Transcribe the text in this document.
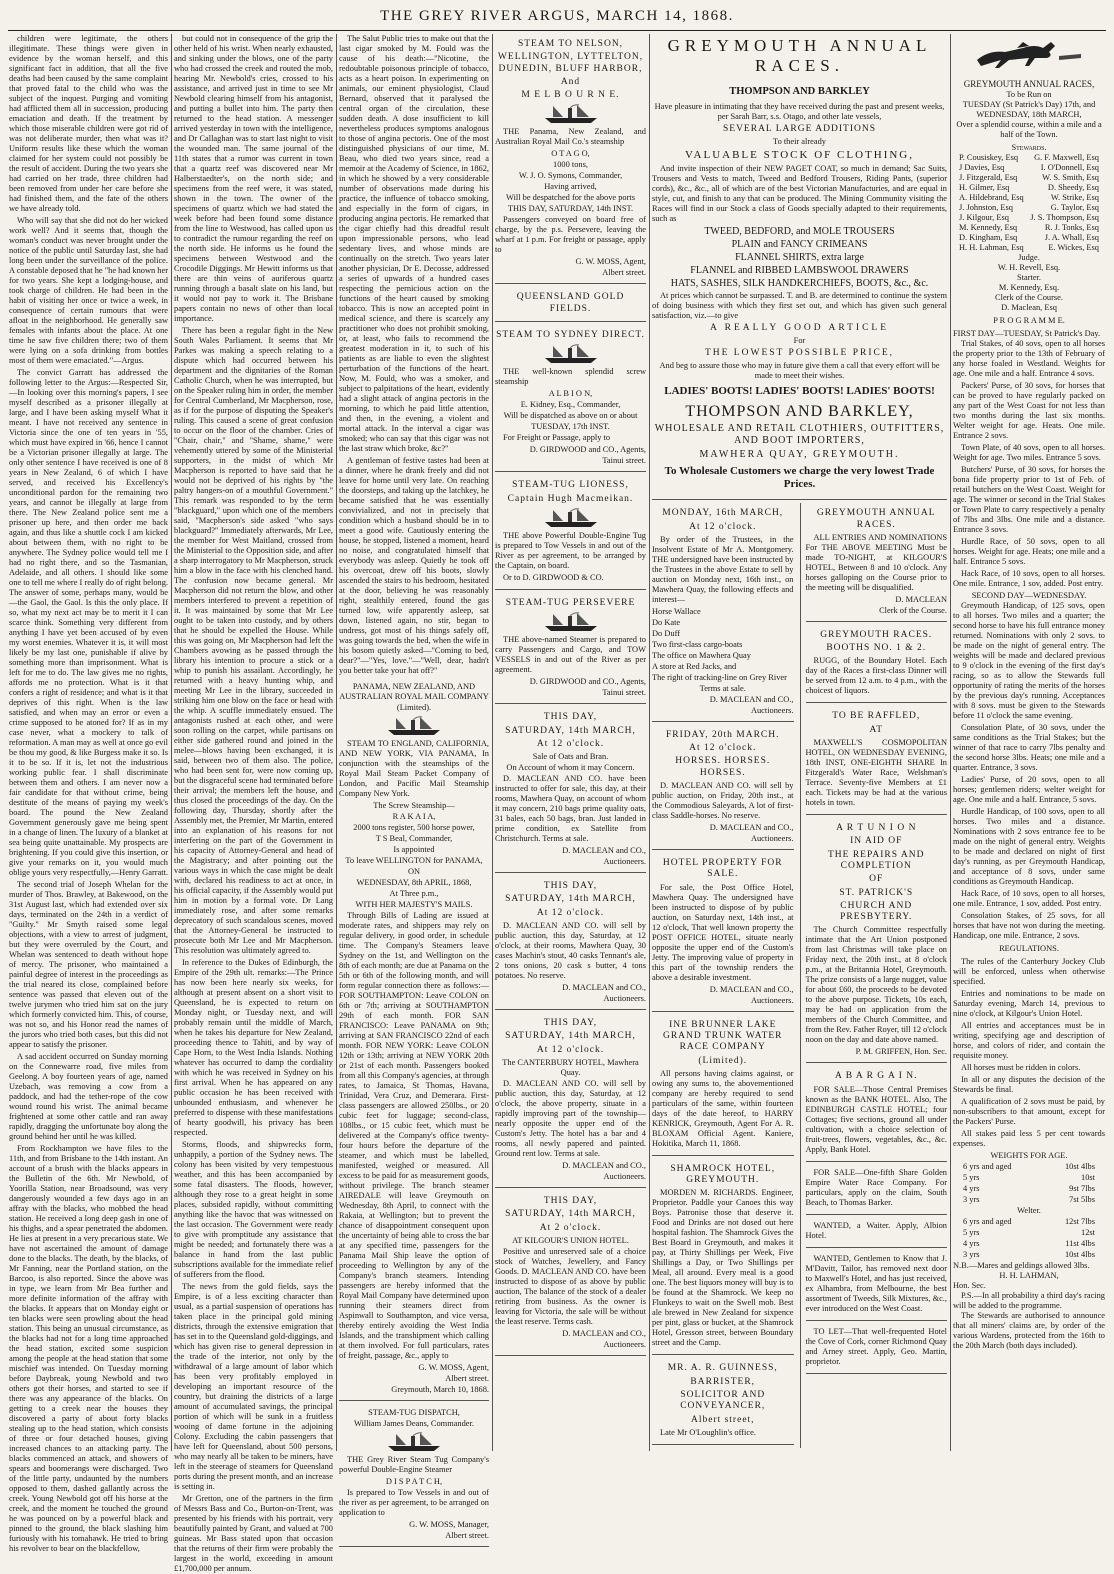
THE GREY RIVER ARGUS, MARCH 14, 1868.

children were legitimate, the others illegitimate. These things were given in evidence by the woman herself, and this significant fact in addition, that all the five deaths had been caused by the same complaint that proved fatal to the child who was the subject of the inquest. Purging and vomiting had afflicted them all in succession, producing emaciation and death. If the treatment by which those miserable children were got rid of was not deliberate murder, then what was it? Uniform results like these which the woman claimed for her system could not possibly be the result of accident. During the two years she had carried on her trade, three children had been removed from under her care before she had finished them, and the fate of the others we have already told.

Who will say that she did not do her wicked work well? And it seems that, though the woman's conduct was never brought under the notice of the public until Saturday last, she had long been under the surveillance of the police. A constable deposed that he "he had known her for two years. She kept a lodging-house, and took charge of children. He had been in the habit of visiting her once or twice a week, in consequence of certain rumours that were afloat in the neighborhood. He generally saw females with infants about the place. At one time he saw five children there; two of them were lying on a sofa drinking from bottles most of them were emaciated."—Argus.

The convict Garratt has addressed the following letter to the Argus:—Respected Sir,—In looking over this morning's papers, I see myself described as a prisoner illegally at large, and I have been asking myself What it meant. I have not received any sentence in Victoria since the one of ten years in '55, which must have expired in '66, hence I cannot be a Victorian prisoner illegally at large. The only other sentence I have received is one of 8 years in New Zealand, 6 of which I have served, and received his Excellency's unconditional pardon for the remaining two years, and cannot be illegally at large from there. The New Zealand police sent me a prisoner up here, and then order me back again, and thus like a shuttle cock I am kicked about between them, with no right to be anywhere. The Sydney police would tell me I had no right there, and so the Tasmanian, Adelaide, and all others. I should like some one to tell me where I really do of right belong. The answer of some, perhaps many, would be—the Gaol, the Gaol. Is this the only place. If so, what my next act may be to merit it I can scarce think. Something very different from anything I have yet been accused of by even my worst enemies. Whatever it is, it will most likely be my last one, punishable if alive by something more than imprisonment. What is left for me to do. The law gives me no rights, affords me no protection. What is it that confers a right of residence; and what is it that deprives of this right. When is the law satisfied, and when may an error or even a crime supposed to be atoned for? If as in my case never, what a mockery to talk of reformation. A man may as well at once go evil be thou my good, & like Burgess make it so. Is it to be so. If it is, let not the industrious working public fear. I shall discriminate between them and others. I am never now a fair candidate for that without crime, being destitute of the means of paying my week's board. The pound the New Zealand Government generously gave me being spent in a change of linen. The luxury of a blanket at sea being quite unattainable. My prospects are brightening. If you could give this insertion, or give your remarks on it, you would much oblige yours very respectfully,—Henry Garratt.

The second trial of Joseph Whelan for the murder of Thos. Brawley, at Bakewood, on the 31st August last, which had extended over six days, terminated on the 24th in a verdict of "Guilty." Mr Smyth raised some legal objections, with a view to arrest of judgment, but they were overruled by the Court, and Whelan was sentenced to death without hope of mercy. The prisoner, who maintained a painful degree of interest in the proceedings as the trial neared its close, complained before sentence was passed that eleven out of the twelve jurymen who tried him sat on the jury which formerly convicted him. This, of course, was not so, and his Honor read the names of the jurors who tried both cases, but this did not appear to satisfy the prisoner.

A sad accident occurred on Sunday morning on the Connewarre road, five miles from Geelong. A boy fourteen years of age, named Uzebach, was removing a cow from a paddock, and had the tether-rope of the cow wound round his wrist. The animal became frightened at some other cattle and ran away rapidly, dragging the unfortunate boy along the ground behind her until he was killed.

From Rockhampton we have files to the 11th, and from Brisbane to the 14th instant. An account of a brush with the blacks appears in the Bulletin of the 6th. Mr Newbold, of Yoorilla Station, near Broadsound, was very dangerously wounded a few days ago in an affray with the blacks, who mobbed the head station. He received a long deep gash in one of his thighs, and a spear penetrated the abdomen. He lies at present in a very precarious state. We have not ascertained the amount of damage done to the blacks. The death, by the blacks, of Mr Fanning, near the Portland station, on the Barcoo, is also reported. Since the above was in type, we learn from Mr Bea further and more definite information of the affray with the blacks. It appears that on Monday eight or ten blacks were seen prowling about the head station. This being an unusual circumstance, as the blacks had not for a long time approached the head station, excited some suspicion among the people at the head station that some mischief was intended. On Tuesday morning before Daybreak, young Newbold and two others got their horses, and started to see if there was any appearance of the blacks. On getting to a creek near the houses they discovered a party of about forty blacks stealing up to the head station, which consists of three or four detached houses, giving increased chances to an attacking party. The blacks commenced an attack, and showers of spears and boomerangs were discharged. Two of the little party, undaunted by the numbers opposed to them, dashed gallantly across the creek. Young Newbold got off his horse at the creek, and the moment he touched the ground he was pounced on by a powerful black and pinned to the ground, the black slashing him furiously with his tomahawk. He tried to bring his revolver to bear on the blackfellow,

but could not in consequence of the grip the other held of his wrist. When nearly exhausted, and sinking under the blows, one of the party who had crossed the creek and routed the mob, hearing Mr. Newbold's cries, crossed to his assistance, and arrived just in time to see Mr Newbold clearing himself from his antagonist, and putting a bullet into him. The party then returned to the head station. A messenger arrived yesterday in town with the intelligence, and Dr Callaghan was to start last night to visit the wounded man. The same journal of the 11th states that a rumor was current in town that a quartz reef was discovered near Mr Halberstaedter's, on the north side; and specimens from the reef were, it was stated, shown in the town. The owner of the specimens of quartz which we had stated the week before had been found some distance from the line to Westwood, has called upon us to contradict the rumour regarding the reef on the north side. He informs us he found the specimens between Westwood and the Crocodile Diggings. Mr Hewitt informs us that there are thin veins of auriferous quartz running through a basalt slate on his land, but it would not pay to work it. The Brisbane papers contain no news of other than local importance.

There has been a regular fight in the New South Wales Parliament. It seems that Mr Parkes was making a speech relating to a dispute which had occurred between his department and the dignitaries of the Roman Catholic Church, when he was interrupted, but on the Speaker ruling him in order, the member for Central Cumberland, Mr Macpherson, rose, as if for the purpose of disputing the Speaker's ruling. This caused a scene of great confusion to occur on the floor of the chamber. Cries of "Chair, chair," and "Shame, shame," were vehemently uttered by some of the Ministerial supporters, in the midst of which Mr Macpherson is reported to have said that he would not be deprived of his rights by "the paltry hangers-on of a mouthful Government." This remark was responded to by the term "blackguard," upon which one of the members said, "Macpherson's side asked "who says blackguard?" Immediately afterwards, Mr Lee, the member for West Maitland, crossed from the Ministerial to the Opposition side, and after a sharp interrogatory to Mr Macpherson, struck him a blow in the face with his clenched hand. The confusion now became general. Mr Macpherson did not return the blow, and other members interfered to prevent a repetition of it. It was maintained by some that Mr Lee ought to be taken into custody, and by others that he should be expelled the House. While this was going on, Mr Macpherson had left the Chambers avowing as he passed through the library his intention to procure a stick or a whip to punish his assailant. Accordingly, he returned with a heavy hunting whip, and meeting Mr Lee in the library, succeeded in striking him one blow on the face or head with the whip. A scuffle immediately ensued. The antagonists rushed at each other, and were soon rolling on the carpet, while partisans on either side gathered round and joined in the melee—blows having been exchanged, it is said, between two of them also. The police, who had been sent for, were now coming up, but the disgraceful scene had terminated before their arrival; the members left the house, and thus closed the proceedings of the day. On the following day, Thursday, shortly after the Assembly met, the Premier, Mr Martin, entered into an explanation of his reasons for not interfering on the part of the Government in his capacity of Attorney-General and head of the Magistracy; and after pointing out the various ways in which the case might be dealt with, declared his readiness to act at once, in his official capacity, if the Assembly would put him in motion by a formal vote. Dr Lang immediately rose, and after some remarks deprecatory of such scandalous scenes, moved that the Attorney-General be instructed to prosecute both Mr Lee and Mr Macpherson. This resolution was ultimately agreed to.

In reference to the Dukes of Edinburgh, the Empire of the 29th ult. remarks:—The Prince has now been here nearly six weeks, for although at present absent on a short visit to Queensland, he is expected to return on Monday night, or Tuesday next, and will probably remain until the middle of March, when he takes his departure for New Zealand, proceeding thence to Tahiti, and by way of Cape Horn, to the West India Islands. Nothing whatever has occurred to damp the cordiality with which he was received in Sydney on his first arrival. When he has appeared on any public occasion he has been received with unbounded enthusiasm, and whenever he preferred to dispense with these manifestations of hearty goodwill, his privacy has been respected.

Storms, floods, and shipwrecks form, unhappily, a portion of the Sydney news. The colony has been visited by very tempestuous weather, and this has been accompanied by some fatal disasters. The floods, however, although they rose to a great height in some places, subsided rapidly, without committing anything like the havoc that was witnessed on the last occasion. The Government were ready to give with promptitude any assistance that might be needed; and fortunately there was a balance in hand from the last public subscriptions available for the immediate relief of sufferers from the flood.

The news from the gold fields, says the Empire, is of a less exciting character than usual, as a partial suspension of operations has taken place in the principal gold mining districts, through the extensive emigration that has set in to the Queensland gold-diggings, and which has given rise to general depression in the trade of the interior, not only by the withdrawal of a large amount of labor which has been very profitably employed in developing an important resource of the country, but draining the districts of a large amount of accumulated savings, the principal portion of which will be sunk in a fruitless wooing of dame fortune in the adjoining Colony. Excluding the cabin passengers that have left for Queensland, about 500 persons, who may nearly all be taken to be miners, have left in the steerage of steamers for Queensland ports during the present month, and an increase is setting in.

Mr Gretton, one of the partners in the firm of Messrs Bass and Co., Burton-on-Trent, was presented by his friends with his portrait, very beautifully painted by Grant, and valued at 700 guineas. Mr Bass stated upon that occasion that the returns of their firm were probably the largest in the world, exceeding in amount £1,700,000 per annum.

The Salut Public tries to make out that the last cigar smoked by M. Fould was the cause of his death:—"Nicotine, the redoubtable poisonous principle of tobacco, acts as a heart poison. In experimenting on animals, our eminent physiologist, Claud Bernard, observed that it paralysed the central organ of the circulation, these sudden death. A dose insufficient to kill nevertheless produces symptoms analogous to those of angina pectoris. One of the most distinguished physicians of our time, M. Beau, who died two years since, read a memoir at the Academy of Science, in 1862, in which he showed by a very considerable number of observations made during his practice, the influence of tobacco smoking, and especially in the form of cigars, in producing angina pectoris. He remarked that the cigar chiefly had this dreadful result upon impressionable persons, who lead sedentary lives, and whose minds are continually on the stretch. Two years later another physician, Dr E. Decosse, addressed a series of upwards of a hundred cases respecting the pernicious action on the functions of the heart caused by smoking tobacco. This is now an accepted point in medical science, and there is scarcely any practitioner who does not prohibit smoking, or, at least, who fails to recommend the greatest moderation in it, to such of his patients as are liable to even the slightest perturbation of the functions of the heart. Now, M. Fould, who was a smoker, and subject to palpitations of the heart, evidently had a slight attack of angina pectoris in the morning, to which he paid little attention, and then, in the evening, a violent and mortal attack. In the interval a cigar was smoked; who can say that this cigar was not the last straw which broke, &c?"

A gentleman of festive tastes had been at a dinner, where he drank freely and did not leave for home until very late. On reaching the doorsteps, and taking up the latchkey, he became satisfied that he was essentially convivialized, and not in precisely that condition which a husband should be in to meet a good wife. Cautiously entering the house, he stopped, listened a moment, heard no noise, and congratulated himself that everybody was asleep. Quietly he took off his overcoat, drew off his boots, slowly ascended the stairs to his bedroom, hesitated at the door, believing he was reasonably right, stealthily entered, found the gas turned low, wife apparently asleep, sat down, listened again, no stir, began to undress, got most of his things safely off, was going towards the bed, when the wife in his bosom quietly asked—"Coming to bed, dear?"—"Yes, love."—"Well, dear, hadn't you better take your hat off?"

PANAMA, NEW ZEALAND, AND AUSTRALIAN ROYAL MAIL COMPANY
(Limited).
STEAM TO ENGLAND, CALIFORNIA, AND NEW YORK, VIA PANAMA, In conjunction with the steamships of the Royal Mail Steam Packet Company of London, and Pacific Mail Steamship Company New York.
The Screw Steamship—
R A K A I A,
2000 tons register, 500 horse power,
T S Beal, Commander,
Is appointed
To leave WELLINGTON for PANAMA,
ON
WEDNESDAY, 8th APRIL, 1868,
At Three p.m.,
WITH HER MAJESTY'S MAILS.
Through Bills of Lading are issued at moderate rates, and shippers may rely on regular delivery, in good order, in schedule time. The Company's Steamers leave Sydney on the 1st, and Wellington on the 8th of each month; are due at Panama on the 5th or 6th of the following month, and will form regular connection there as follows:— FOR SOUTHAMPTON: Leave COLON on 6th or 7th; arriving at SOUTHAMPTON 29th of each month. FOR SAN FRANCISCO: Leave PANAMA on 9th; arriving at SAN FRANCISCO 22nd of each month. FOR NEW YORK: Leave COLON 12th or 13th; arriving at NEW YORK 20th or 21st of each month. Passengers booked from all this Company's agencies, at through rates, to Jamaica, St Thomas, Havana, Trinidad, Vera Cruz, and Demerara. First-class passengers are allowed 250lbs., or 20 cubic feet for luggage; second-class, 108lbs., or 15 cubic feet, which must be delivered at the Company's office twenty-four hours before the departure of the steamer, and which must be labelled, manifested, weighed or measured. All excess to be paid for as measurement goods, without privilege. The branch steamer AIREDALE will leave Greymouth on Wednesday, 8th April, to connect with the Rakaia, at Wellington; but to prevent the chance of disappointment consequent upon the uncertainty of being able to cross the bar at any specified time, passengers for the Panama Mail Ship leave the option of proceeding to Wellington by any of the Company's branch steamers. Intending passengers are hereby informed that the Royal Mail Company have determined upon running their steamers direct from Aspinwall to Southampton, and vice versa, thereby entirely avoiding the West India Islands, and the transhipment which calling at them involved. For full particulars, rates of freight, passage, &c., apply to
G. W. MOSS, Agent,
Albert street.
Greymouth, March 10, 1868.
STEAM-TUG DISPATCH,
William James Deans, Commander.
THE Grey River Steam Tug Company's powerful Double-Engine Steamer
D I S P A T C H,
Is prepared to Tow Vessels in and out of the river as per agreement, to be arranged on application to
G. W. MOSS, Manager,
Albert street.
STEAM TO NELSON,
WELLINGTON, LYTTELTON, DUNEDIN, BLUFF HARBOR,
And
M E L B O U R N E.
THE Panama, New Zealand, and Australian Royal Mail Co.'s steamship
O T A G O,
1000 tons,
W. J. O. Symons, Commander,
Having arrived,
Will be despatched for the above ports
THIS DAY, SATURDAY, 14th INST.
Passengers conveyed on board free of charge, by the p.s. Persevere, leaving the wharf at 1 p.m. For freight or passage, apply to
G. W. MOSS, Agent,
Albert street.
QUEENSLAND GOLD FIELDS.
STEAM TO SYDNEY DIRECT.
THE well-known splendid screw steamship
A L B I O N,
E. Kidney, Esq., Commander,
Will be dispatched as above on or about
TUESDAY, 17th INST.
For Freight or Passage, apply to
D. GIRDWOOD and CO., Agents,
Tainui street.
STEAM-TUG LIONESS,
Captain Hugh Macmeikan.
THE above Powerful Double-Engine Tug is prepared to Tow Vessels in and out of the River as per agreement, to be arranged by the Captain, on board.
Or to D. GIRDWOOD & CO.
STEAM-TUG PERSEVERE
THE above-named Steamer is prepared to carry Passengers and Cargo, and TOW VESSELS in and out of the River as per agreement.
D. GIRDWOOD and CO., Agents,
Tainui street.
THIS DAY,
SATURDAY, 14th MARCH,
At 12 o'clock.
Sale of Oats and Bran.
On Account of whom it may Concern.
D. MACLEAN AND CO. have been instructed to offer for sale, this day, at their rooms, Mawhera Quay, on account of whom it may concern, 210 bags prime quality oats, 31 bales, each 50 bags, bran. Just landed in prime condition, ex Satellite from Christchurch. Terms at sale.
D. MACLEAN and CO.,
Auctioneers.
THIS DAY,
SATURDAY, 14th MARCH,
At 12 o'clock.
D. MACLEAN AND CO. will sell by public auction, this day, Saturday, at 12 o'clock, at their rooms, Mawhera Quay, 30 cases Machin's stout, 40 casks Tennant's ale, 2 tons onions, 20 cask s butter, 4 tons potatoes. No reserve.
D. MACLEAN and CO.,
Auctioneers.
THIS DAY,
SATURDAY, 14th MARCH,
At 12 o'clock.
The CANTERBURY HOTEL, Mawhera Quay.
D. MACLEAN AND CO. will sell by public auction, this day, Saturday, at 12 o'clock, the above property, situate in a rapidly improving part of the township—nearly opposite the upper end of the Custom's Jetty. The hotel has a bar and 4 rooms, all newly papered and painted. Ground rent low. Terms at sale.
D. MACLEAN and CO.,
Auctioneers.
THIS DAY,
SATURDAY, 14th MARCH,
At 2 o'clock.
AT KILGOUR'S UNION HOTEL.
Positive and unreserved sale of a choice stock of Watches, Jewellery, and Fancy Goods. D. MACLEAN AND CO. have been instructed to dispose of as above by public auction, The balance of the stock of a dealer retiring from business. As the owner is leaving for Victoria, the sale will be without the least reserve. Terms cash.
D. MACLEAN and CO.,
Auctioneers.
GREYMOUTH ANNUAL RACES.
THOMPSON AND BARKLEY
Have pleasure in intimating that they have received during the past and present weeks, per Sarah Barr, s.s. Otago, and other late vessels,
SEVERAL LARGE ADDITIONS
To their already
VALUABLE STOCK OF CLOTHING,
And invite inspection of their NEW PAGET COAT, so much in demand; Sac Suits, Trousers and Vests to match, Tweed and Bedford Trousers, Riding Pants, (superior cords), &c., &c., all of which are of the best Victorian Manufacturies, and are equal in style, cut, and finish to any that can be produced. The Mining Community visiting the Races will find in our Stock a class of Goods specially adapted to their requirements, such as
TWEED, BEDFORD, and MOLE TROUSERS
PLAIN and FANCY CRIMEANS
FLANNEL SHIRTS, extra large
FLANNEL and RIBBED LAMBSWOOL DRAWERS
HATS, SASHES, SILK HANDKERCHIEFS, BOOTS, &c., &c.
At prices which cannot be surpassed. T. and B. are determined to continue the system of doing business with which they first set out, and which has given such general satisfaction, viz.—to give
A REALLY GOOD ARTICLE
For
THE LOWEST POSSIBLE PRICE,
And beg to assure those who may in future give them a call that every effort will be made to meet their wishes.
LADIES' BOOTS! LADIES' BOOTS! LADIES' BOOTS!
THOMPSON AND BARKLEY,
WHOLESALE AND RETAIL CLOTHIERS, OUTFITTERS, AND BOOT IMPORTERS,
MAWHERA QUAY, GREYMOUTH.
To Wholesale Customers we charge the very lowest Trade Prices.
MONDAY, 16th MARCH,
At 12 o'clock.
By order of the Trustees, in the Insolvent Estate of Mr A. Montgomery. THE undersigned have been instructed by the Trustees in the above Estate to sell by auction on Monday next, 16th inst., on Mawhera Quay, the following effects and interest—
Horse Wallace
Do Kate
Do Duff
Two first-class cargo-boats
The office on Mawhera Quay
A store at Red Jacks, and
The right of tracking-line on Grey River
Terms at sale.
D. MACLEAN and CO.,
Auctioneers.
FRIDAY, 20th MARCH.
At 12 o'clock.
HORSES. HORSES. HORSES.
D. MACLEAN AND CO. will sell by public auction, on Friday, 20th inst., at the Commodious Saleyards, A lot of first-class Saddle-horses. No reserve.
D. MACLEAN and CO.,
Auctioneers.
HOTEL PROPERTY FOR SALE.
For sale, the Post Office Hotel, Mawhera Quay. The undersigned have been instructed to dispose of by public auction, on Saturday next, 14th inst., at 12 o'clock, That well known property the POST OFFICE HOTEL, situate nearly opposite the upper end of the Custom's Jetty. The improving value of property in this part of the township renders the above a desirable investment.
D. MACLEAN and CO.,
Auctioneers.
INE BRUNNER LAKE GRAND TRUNK WATER RACE COMPANY
(Limited).
All persons having claims against, or owing any sums to, the abovementioned company are hereby required to send particulars of the same, within fourteen days of the date hereof, to HARRY KENRICK, Greymouth, Agent For A. R. BLOXAM Official Agent. Kaniere, Hokitika, March 11, 1868.
SHAMROCK HOTEL, GREYMOUTH.
MORDEN M. RICHARDS. Engineer, Proprietor. Paddle your Canoes this way Boys. Patronise those that deserve it. Food and Drinks are not dosed out here hospital fashion. The Shamrock Gives the Best Board in Greymouth, and makes it pay, at Thirty Shillings per Week, Five Shillings a Day, or Two Shillings per Meal, all around. Every meal is a good one. The best liquors money will buy is to be found at the Shamrock. We keep no Flunkeys to wait on the Swell mob. Best ale brewed in New Zealand for sixpence per pint, glass or bucket, at the Shamrock Hotel, Gresson street, between Boundary street and the Camp.
MR. A. R. GUINNESS,
BARRISTER,
SOLICITOR AND CONVEYANCER,
Albert street,
Late Mr O'Loughlin's office.
GREYMOUTH ANNUAL RACES.
ALL ENTRIES AND NOMINATIONS For THE ABOVE MEETING Must be made TO-NIGHT, at KILGOUR'S HOTEL, Between 8 and 10 o'clock. Any horses galloping on the Course prior to the meeting will be disqualified.
D. MACLEAN
Clerk of the Course.
GREYMOUTH RACES.
BOOTHS NO. 1 & 2.
RUGG, of the Boundary Hotel. Each day of the Races a first-class Dinner will be served from 12 a.m. to 4 p.m., with the choicest of liquors.
TO BE RAFFLED,
AT
MAXWELL'S COSMOPOLITAN HOTEL, ON WEDNESDAY EVENING, 18th INST, ONE-EIGHTH SHARE In Fitzgerald's Water Race, Welshman's Terrace. Seventy-five Members at £1 each. Tickets may be had at the various hotels in town.
A R T U N I O N
IN AID OF
THE REPAIRS AND COMPLETION
OF
ST. PATRICK'S
CHURCH AND PRESBYTERY.
The Church Committee respectfully intimate that the Art Union postponed from last Christmas will take place on Friday next, the 20th inst., at 8 o'clock p.m., at the Britannia Hotel, Greymouth. The prize consists of a large nugget, value for about £60, the proceeds to be devoted to the above purpose. Tickets, 10s each, may be had on application from the members of the Church Committee, and from the Rev. Father Royer, till 12 o'clock noon on the day and date above named.
P. M. GRIFFEN, Hon. Sec.
A B A R G A I N.
FOR SALE—Those Central Premises known as the BANK HOTEL. Also, The EDINBURGH CASTLE HOTEL; four Cottages; five sections, ground all under cultivation, with a choice selection of fruit-trees, flowers, vegetables, &c., &c. Apply, Bank Hotel.
FOR SALE—One-fifth Share Golden Empire Water Race Company. For particulars, apply on the claim, South Beach, to Thomas Barker.
WANTED, a Waiter. Apply, Albion Hotel.
WANTED, Gentlemen to Know that J. M'Davitt, Tailor, has removed next door to Maxwell's Hotel, and has just received, ex Alhambra, from Melbourne, the best assortment of Tweeds, Silk Mixtures, &c., ever introduced on the West Coast.
TO LET—That well-frequented Hotel the Cove of Cork, corner Richmond Quay and Arney street. Apply, Geo. Martin, proprietor.
GREYMOUTH ANNUAL RACES,
To be Run on
TUESDAY (St Patrick's Day) 17th, and
WEDNESDAY, 18th MARCH,
Over a splendid course, within a mile and a half of the Town.
Stewards.
P. Cousiskey, Esq G. F. Maxwell, Esq
J Davies, Esq	I. O'Donnell, Esq
J. Fitzgerald, Esq	W. S. Smith, Esq
H. Gilmer, Esq	D. Sheedy, Esq
A. Hildebrand, Esq	W. Strike, Esq
J. Johnston, Esq	G. Taylor, Esq
J. Kilgour, Esq	J. S. Thompson, Esq
M. Kennedy, Esq	R. J. Tonks, Esq
D. Kingham, Esq	J. A. Whall, Esq
H. H. Lahman, Esq	E. Wickes, Esq
Judge.
W. H. Revell, Esq.
Starter.
M. Kennedy, Esq.
Clerk of the Course.
D. Maclean, Esq
P R O G R A M M E.
FIRST DAY—TUESDAY, St Patrick's Day.

Trial Stakes, of 40 sovs, open to all horses the property prior to the 13th of February of any horse foaled in Westland. Weights for age. One mile and a half. Entrance 4 sovs.

Packers' Purse, of 30 sovs, for horses that can be proved to have regularly packed on any part of the West Coast for not less than two months during the last six months. Welter weight for age. Heats. One mile. Entrance 2 sovs.

Town Plate, of 40 sovs, open to all horses. Weight for age. Two miles. Entrance 5 sovs.

Butchers' Purse, of 30 sovs, for horses the bona fide property prior to 1st of Feb. of retail butchers on the West Coast. Weight for age. The winner or second in the Trial Stakes or Town Plate to carry respectively a penalty of 7lbs and 3lbs. One mile and a distance. Entrance 3 sovs.

Hurdle Race, of 50 sovs, open to all horses. Weight for age. Heats; one mile and a half. Entrance 5 sovs.

Hack Race, of 10 sovs, open to all horses. One mile. Entrance, 1 sov, added. Post entry.

SECOND DAY—WEDNESDAY.

Greymouth Handicap, of 125 sovs, open to all horses. Two miles and a quarter; the second horse to have his full entrance money returned. Nominations with only 2 sovs. to be made on the night of general entry. The weights will be made and declared previous to 9 o'clock in the evening of the first day's racing, so as to allow the Stewards full opportunity of rating the merits of the horses by the previous day's running. Acceptances with 8 sovs. must be given to the Stewards before 11 o'clock the same evening.

Consolation Plate, of 30 sovs, under the same conditions as the Trial Stakes; but the winner of that race to carry 7lbs penalty and the second horse 3lbs. Heats; one mile and a quarter. Entrance, 3 sovs.

Ladies' Purse, of 20 sovs, open to all horses; gentlemen riders; welter weight for age. One mile and a half. Entrance, 5 sovs.

Hurdle Handicap, of 100 sovs, open to all horses. Two miles and a distance. Nominations with 2 sovs entrance fee to be made on the night of general entry. Weights to be made and declared on night of first day's running, as per Greymouth Handicap, and acceptance of 8 sovs, under same conditions as Greymouth Handicap.

Hack Race, of 10 sovs, open to all horses, one mile. Entrance, 1 sov, added. Post entry.

Consolation Stakes, of 25 sovs, for all horses that have not won during the meeting. Handicap, one mile. Entrance, 2 sovs.

REGULATIONS.

The rules of the Canterbury Jockey Club will be enforced, unless when otherwise specified.

Entries and nominations to be made on Saturday evening, March 14, previous to nine o'clock, at Kilgour's Union Hotel.

All entries and acceptances must be in writing, specifying age and description of horse, and colors of rider, and contain the requisite money.

All horses must be ridden in colors.

In all or any disputes the decision of the Stewards be final.

A qualification of 2 sovs must be paid, by non-subscribers to that amount, except for the Packers' Purse.

All stakes paid less 5 per cent towards expenses.

WEIGHTS FOR AGE.
6 yrs and aged	10st 4lbs
5 yrs	10st
4 yrs	9st 7lbs
3 yrs	7st 5lbs
Welter.
6 yrs and aged	12st 7lbs
5 yrs	12st
4 yrs	11st 4lbs
3 yrs	10st 4lbs
N.B.—Mares and geldings allowed 3lbs.
H. H. LAHMAN,
Hon. Sec.

P.S.—In all probability a third day's racing will be added to the programme.

The Stewards are authorised to announce that all miners' claims are, by order of the various Wardens, protected from the 16th to the 20th March (both days included).
